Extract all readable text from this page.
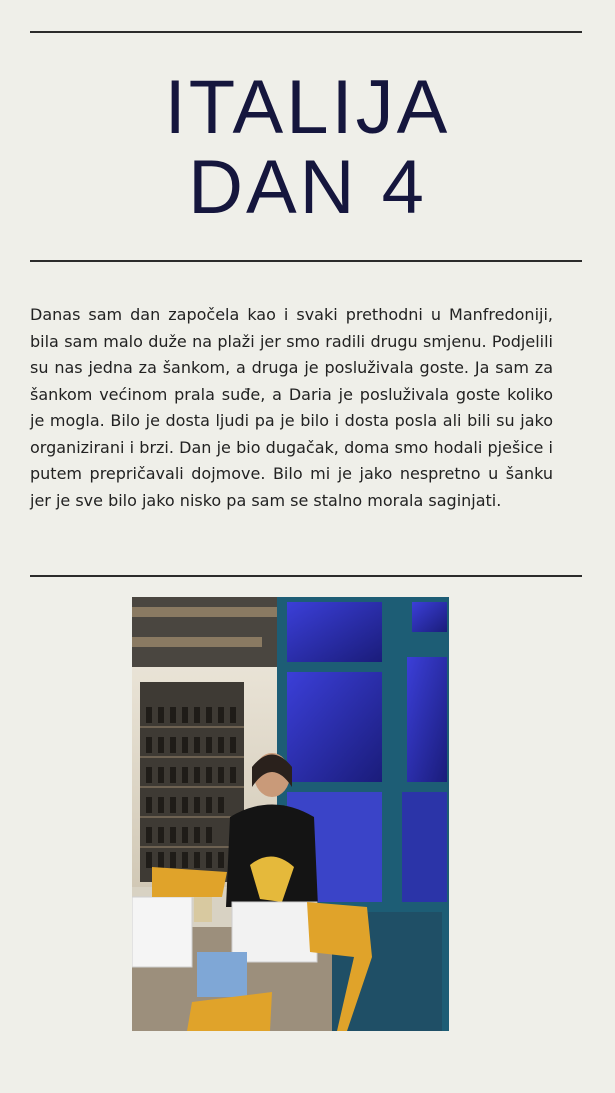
ITALIJA
DAN 4

Danas sam dan započela kao i svaki prethodni u Manfredoniji, bila sam malo duže na plaži jer smo radili drugu smjenu. Podjelili su nas jedna za šankom, a druga je posluživala goste. Ja sam za šankom većinom prala suđe, a Daria je posluživala goste koliko je mogla. Bilo je dosta ljudi pa je bilo i dosta posla ali bili su jako organizirani i brzi. Dan je bio dugačak, doma smo hodali pješice i putem prepričavali dojmove. Bilo mi je jako nespretno u šanku jer je sve bilo jako nisko pa sam se stalno morala saginjati.
